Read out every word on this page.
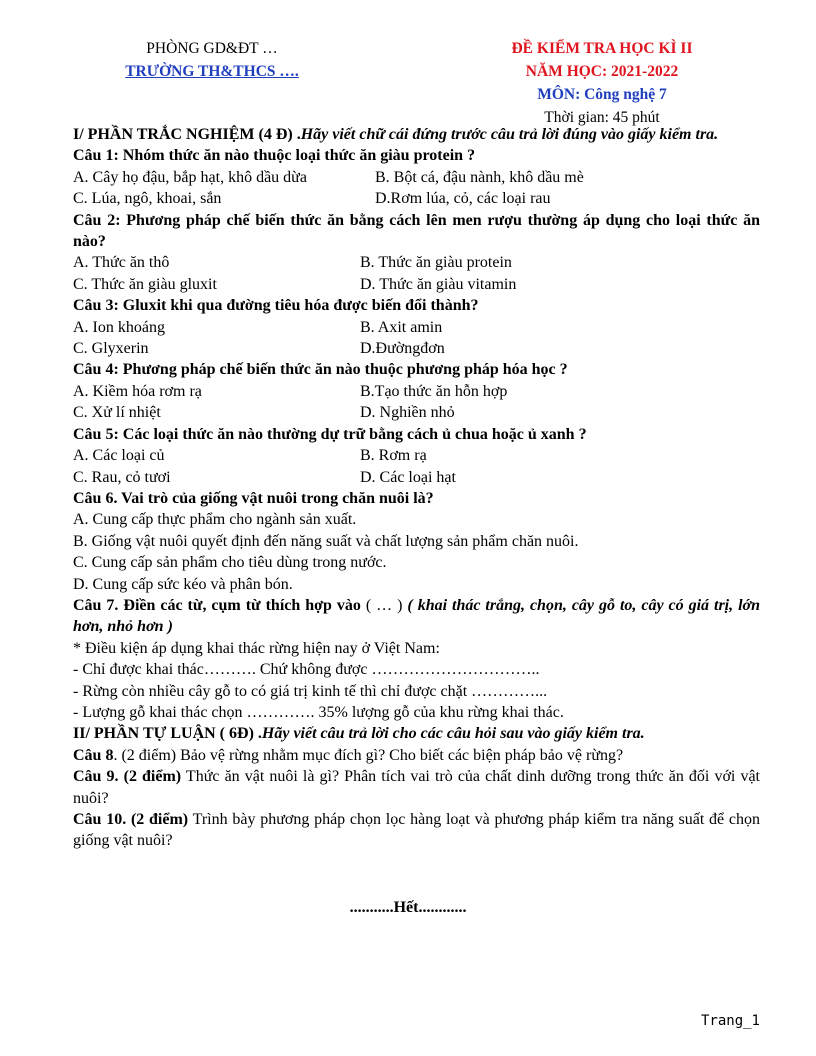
PHÒNG GD&ĐT …
TRƯỜNG TH&THCS ….
ĐỀ KIỂM TRA HỌC KÌ II
NĂM HỌC: 2021-2022
MÔN: Công nghệ 7
Thời gian: 45 phút
I/ PHẦN TRẮC NGHIỆM (4 Đ) .Hãy viết chữ cái đứng trước câu trả lời đúng vào giấy kiểm tra.
Câu 1: Nhóm thức ăn nào thuộc loại thức ăn giàu protein ?
A. Cây họ đậu, bắp hạt, khô dầu dừa	B. Bột cá, đậu nành, khô dầu mè
C. Lúa, ngô, khoai, sắn	D.Rơm lúa, cỏ, các loại rau
Câu 2: Phương pháp chế biến thức ăn bằng cách lên men rượu thường áp dụng cho loại thức ăn nào?
A. Thức ăn thô	B. Thức ăn giàu protein
C. Thức ăn giàu gluxit	D. Thức ăn giàu vitamin
Câu 3: Gluxit khi qua đường tiêu hóa được biến đổi thành?
A. Ion khoáng	B. Axit amin
C. Glyxerin	D.Đườngđơn
Câu 4: Phương pháp chế biến thức ăn nào thuộc phương pháp hóa học ?
A. Kiềm hóa rơm rạ	B.Tạo thức ăn hỗn hợp
C. Xử lí nhiệt	D. Nghiền nhỏ
Câu 5: Các loại thức ăn nào thường dự trữ bằng cách ủ chua hoặc ủ xanh ?
A. Các loại củ	B. Rơm rạ
C. Rau, cỏ tươi	D. Các loại hạt
Câu 6. Vai trò của giống vật nuôi trong chăn nuôi là?
A. Cung cấp thực phẩm cho ngành sản xuất.
B. Giống vật nuôi quyết định đến năng suất và chất lượng sản phẩm chăn nuôi.
C. Cung cấp sản phẩm cho tiêu dùng trong nước.
D. Cung cấp sức kéo và phân bón.
Câu 7. Điền các từ, cụm từ thích hợp vào ( … ) ( khai thác trắng, chọn, cây gỗ to, cây có giá trị, lớn hơn, nhỏ hơn )
* Điều kiện áp dụng khai thác rừng hiện nay ở Việt Nam:
- Chỉ được khai thác………. Chứ không được …………………………..
- Rừng còn nhiều cây gỗ to có giá trị kinh tế thì chỉ được chặt …………...
- Lượng gỗ khai thác chọn …………. 35% lượng gỗ của khu rừng khai thác.
II/ PHẦN TỰ LUẬN ( 6Đ) .Hãy viết câu trả lời cho các câu hỏi sau vào giấy kiểm tra.
Câu 8. (2 điểm) Bảo vệ rừng nhằm mục đích gì? Cho biết các biện pháp bảo vệ rừng?
Câu 9. (2 điểm) Thức ăn vật nuôi là gì? Phân tích vai trò của chất dinh dưỡng trong thức ăn đối với vật nuôi?
Câu 10. (2 điểm) Trình bày phương pháp chọn lọc hàng loạt và phương pháp kiểm tra năng suất để chọn giống vật nuôi?
...........Hết............
Trang_1
